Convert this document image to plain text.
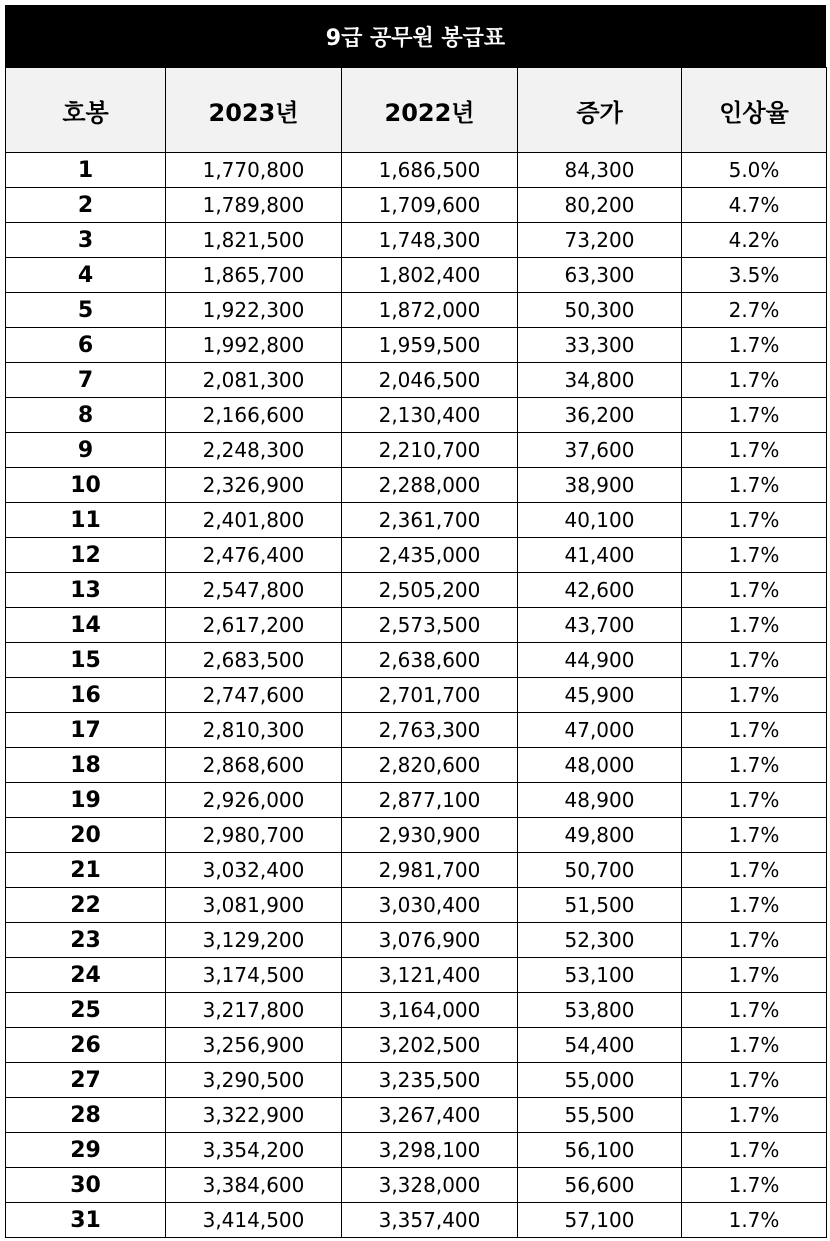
9급 공무원 봉급표
호봉	2023년	2022년	증가	인상율
1	1,770,800	1,686,500	84,300	5.0%
2	1,789,800	1,709,600	80,200	4.7%
3	1,821,500	1,748,300	73,200	4.2%
4	1,865,700	1,802,400	63,300	3.5%
5	1,922,300	1,872,000	50,300	2.7%
6	1,992,800	1,959,500	33,300	1.7%
7	2,081,300	2,046,500	34,800	1.7%
8	2,166,600	2,130,400	36,200	1.7%
9	2,248,300	2,210,700	37,600	1.7%
10	2,326,900	2,288,000	38,900	1.7%
11	2,401,800	2,361,700	40,100	1.7%
12	2,476,400	2,435,000	41,400	1.7%
13	2,547,800	2,505,200	42,600	1.7%
14	2,617,200	2,573,500	43,700	1.7%
15	2,683,500	2,638,600	44,900	1.7%
16	2,747,600	2,701,700	45,900	1.7%
17	2,810,300	2,763,300	47,000	1.7%
18	2,868,600	2,820,600	48,000	1.7%
19	2,926,000	2,877,100	48,900	1.7%
20	2,980,700	2,930,900	49,800	1.7%
21	3,032,400	2,981,700	50,700	1.7%
22	3,081,900	3,030,400	51,500	1.7%
23	3,129,200	3,076,900	52,300	1.7%
24	3,174,500	3,121,400	53,100	1.7%
25	3,217,800	3,164,000	53,800	1.7%
26	3,256,900	3,202,500	54,400	1.7%
27	3,290,500	3,235,500	55,000	1.7%
28	3,322,900	3,267,400	55,500	1.7%
29	3,354,200	3,298,100	56,100	1.7%
30	3,384,600	3,328,000	56,600	1.7%
31	3,414,500	3,357,400	57,100	1.7%
